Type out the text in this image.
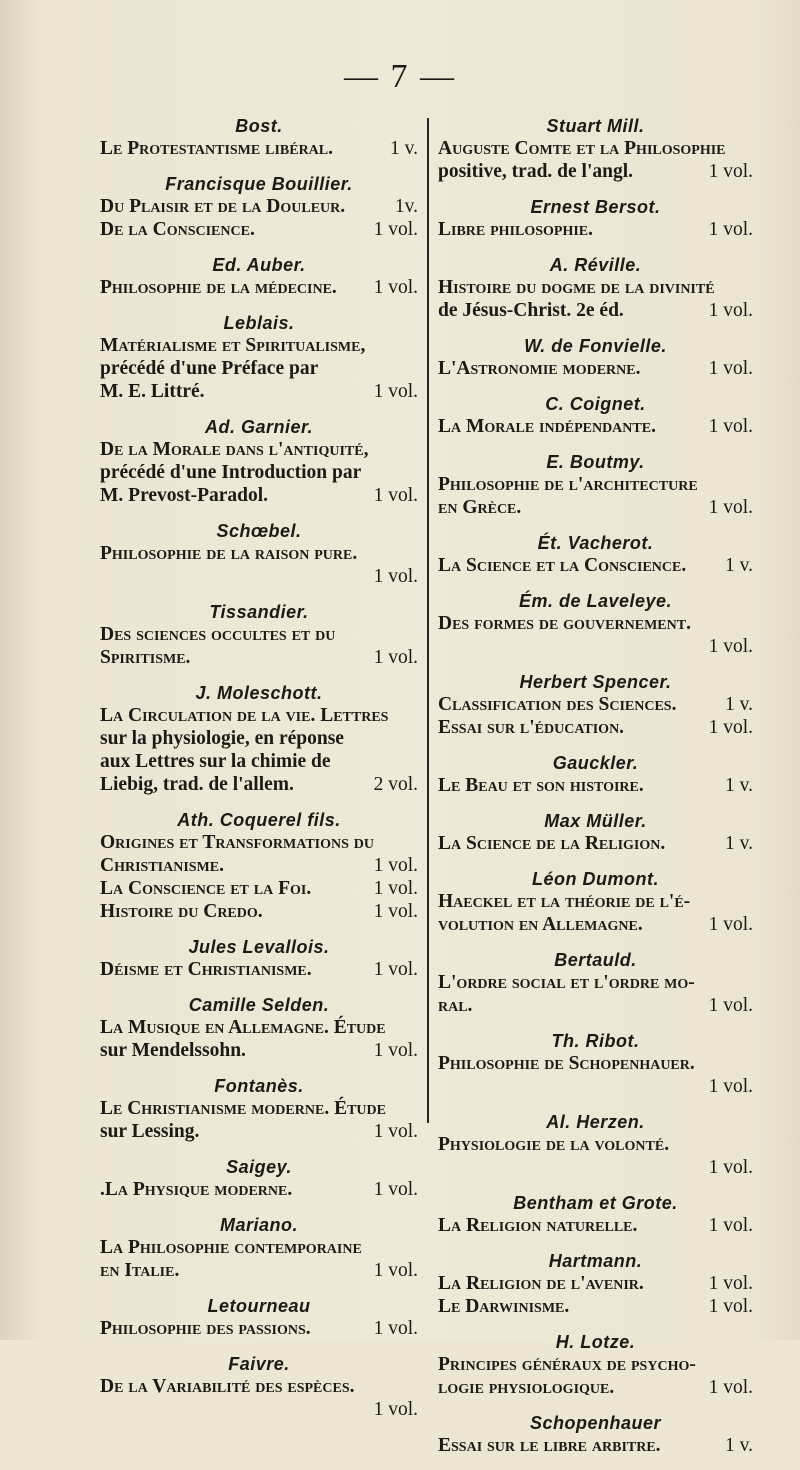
— 7 —
Bost.
Le Protestantisme libéral.	1 v.
Francisque Bouillier.
Du Plaisir et de la Douleur.	1v.
De la Conscience.	1 vol.
Ed. Auber.
Philosophie de la médecine.	1 vol.
Leblais.
Matérialisme et Spiritualisme,
précédé d'une Préface par
M. E. Littré.	1 vol.
Ad. Garnier.
De la Morale dans l'antiquité,
précédé d'une Introduction par
M. Prevost-Paradol.	1 vol.
Schœbel.
Philosophie de la raison pure.
1 vol.
Tissandier.
Des sciences occultes et du
Spiritisme.	1 vol.
J. Moleschott.
La Circulation de la vie. Lettres
sur la physiologie, en réponse
aux Lettres sur la chimie de
Liebig, trad. de l'allem.	2 vol.
Ath. Coquerel fils.
Origines et Transformations du
Christianisme.	1 vol.
La Conscience et la Foi.	1 vol.
Histoire du Credo.	1 vol.
Jules Levallois.
Déisme et Christianisme.	1 vol.
Camille Selden.
La Musique en Allemagne. Étude
sur Mendelssohn.	1 vol.
Fontanès.
Le Christianisme moderne. Étude
sur Lessing.	1 vol.
Saigey.
.La Physique moderne.	1 vol.
Mariano.
La Philosophie contemporaine
en Italie.	1 vol.
Letourneau
Philosophie des passions.	1 vol.
Faivre.
De la Variabilité des espèces.
1 vol.
Stuart Mill.
Auguste Comte et la Philosophie
positive, trad. de l'angl.	1 vol.
Ernest Bersot.
Libre philosophie.	1 vol.
A. Réville.
Histoire du dogme de la divinité
de Jésus-Christ. 2e éd.	1 vol.
W. de Fonvielle.
L'Astronomie moderne.	1 vol.
C. Coignet.
La Morale indépendante.	1 vol.
E. Boutmy.
Philosophie de l'architecture
en Grèce.	1 vol.
Ét. Vacherot.
La Science et la Conscience.	1 v.
Ém. de Laveleye.
Des formes de gouvernement.
1 vol.
Herbert Spencer.
Classification des Sciences.	1 v.
Essai sur l'éducation.	1 vol.
Gauckler.
Le Beau et son histoire.	1 v.
Max Müller.
La Science de la Religion.	1 v.
Léon Dumont.
Haeckel et la théorie de l'é-
volution en Allemagne.	1 vol.
Bertauld.
L'ordre social et l'ordre mo-
ral.	1 vol.
Th. Ribot.
Philosophie de Schopenhauer.
1 vol.
Al. Herzen.
Physiologie de la volonté.
1 vol.
Bentham et Grote.
La Religion naturelle.	1 vol.
Hartmann.
La Religion de l'avenir.	1 vol.
Le Darwinisme.	1 vol.
H. Lotze.
Principes généraux de psycho-
logie physiologique.	1 vol.
Schopenhauer
Essai sur le libre arbitre.	1 v.
